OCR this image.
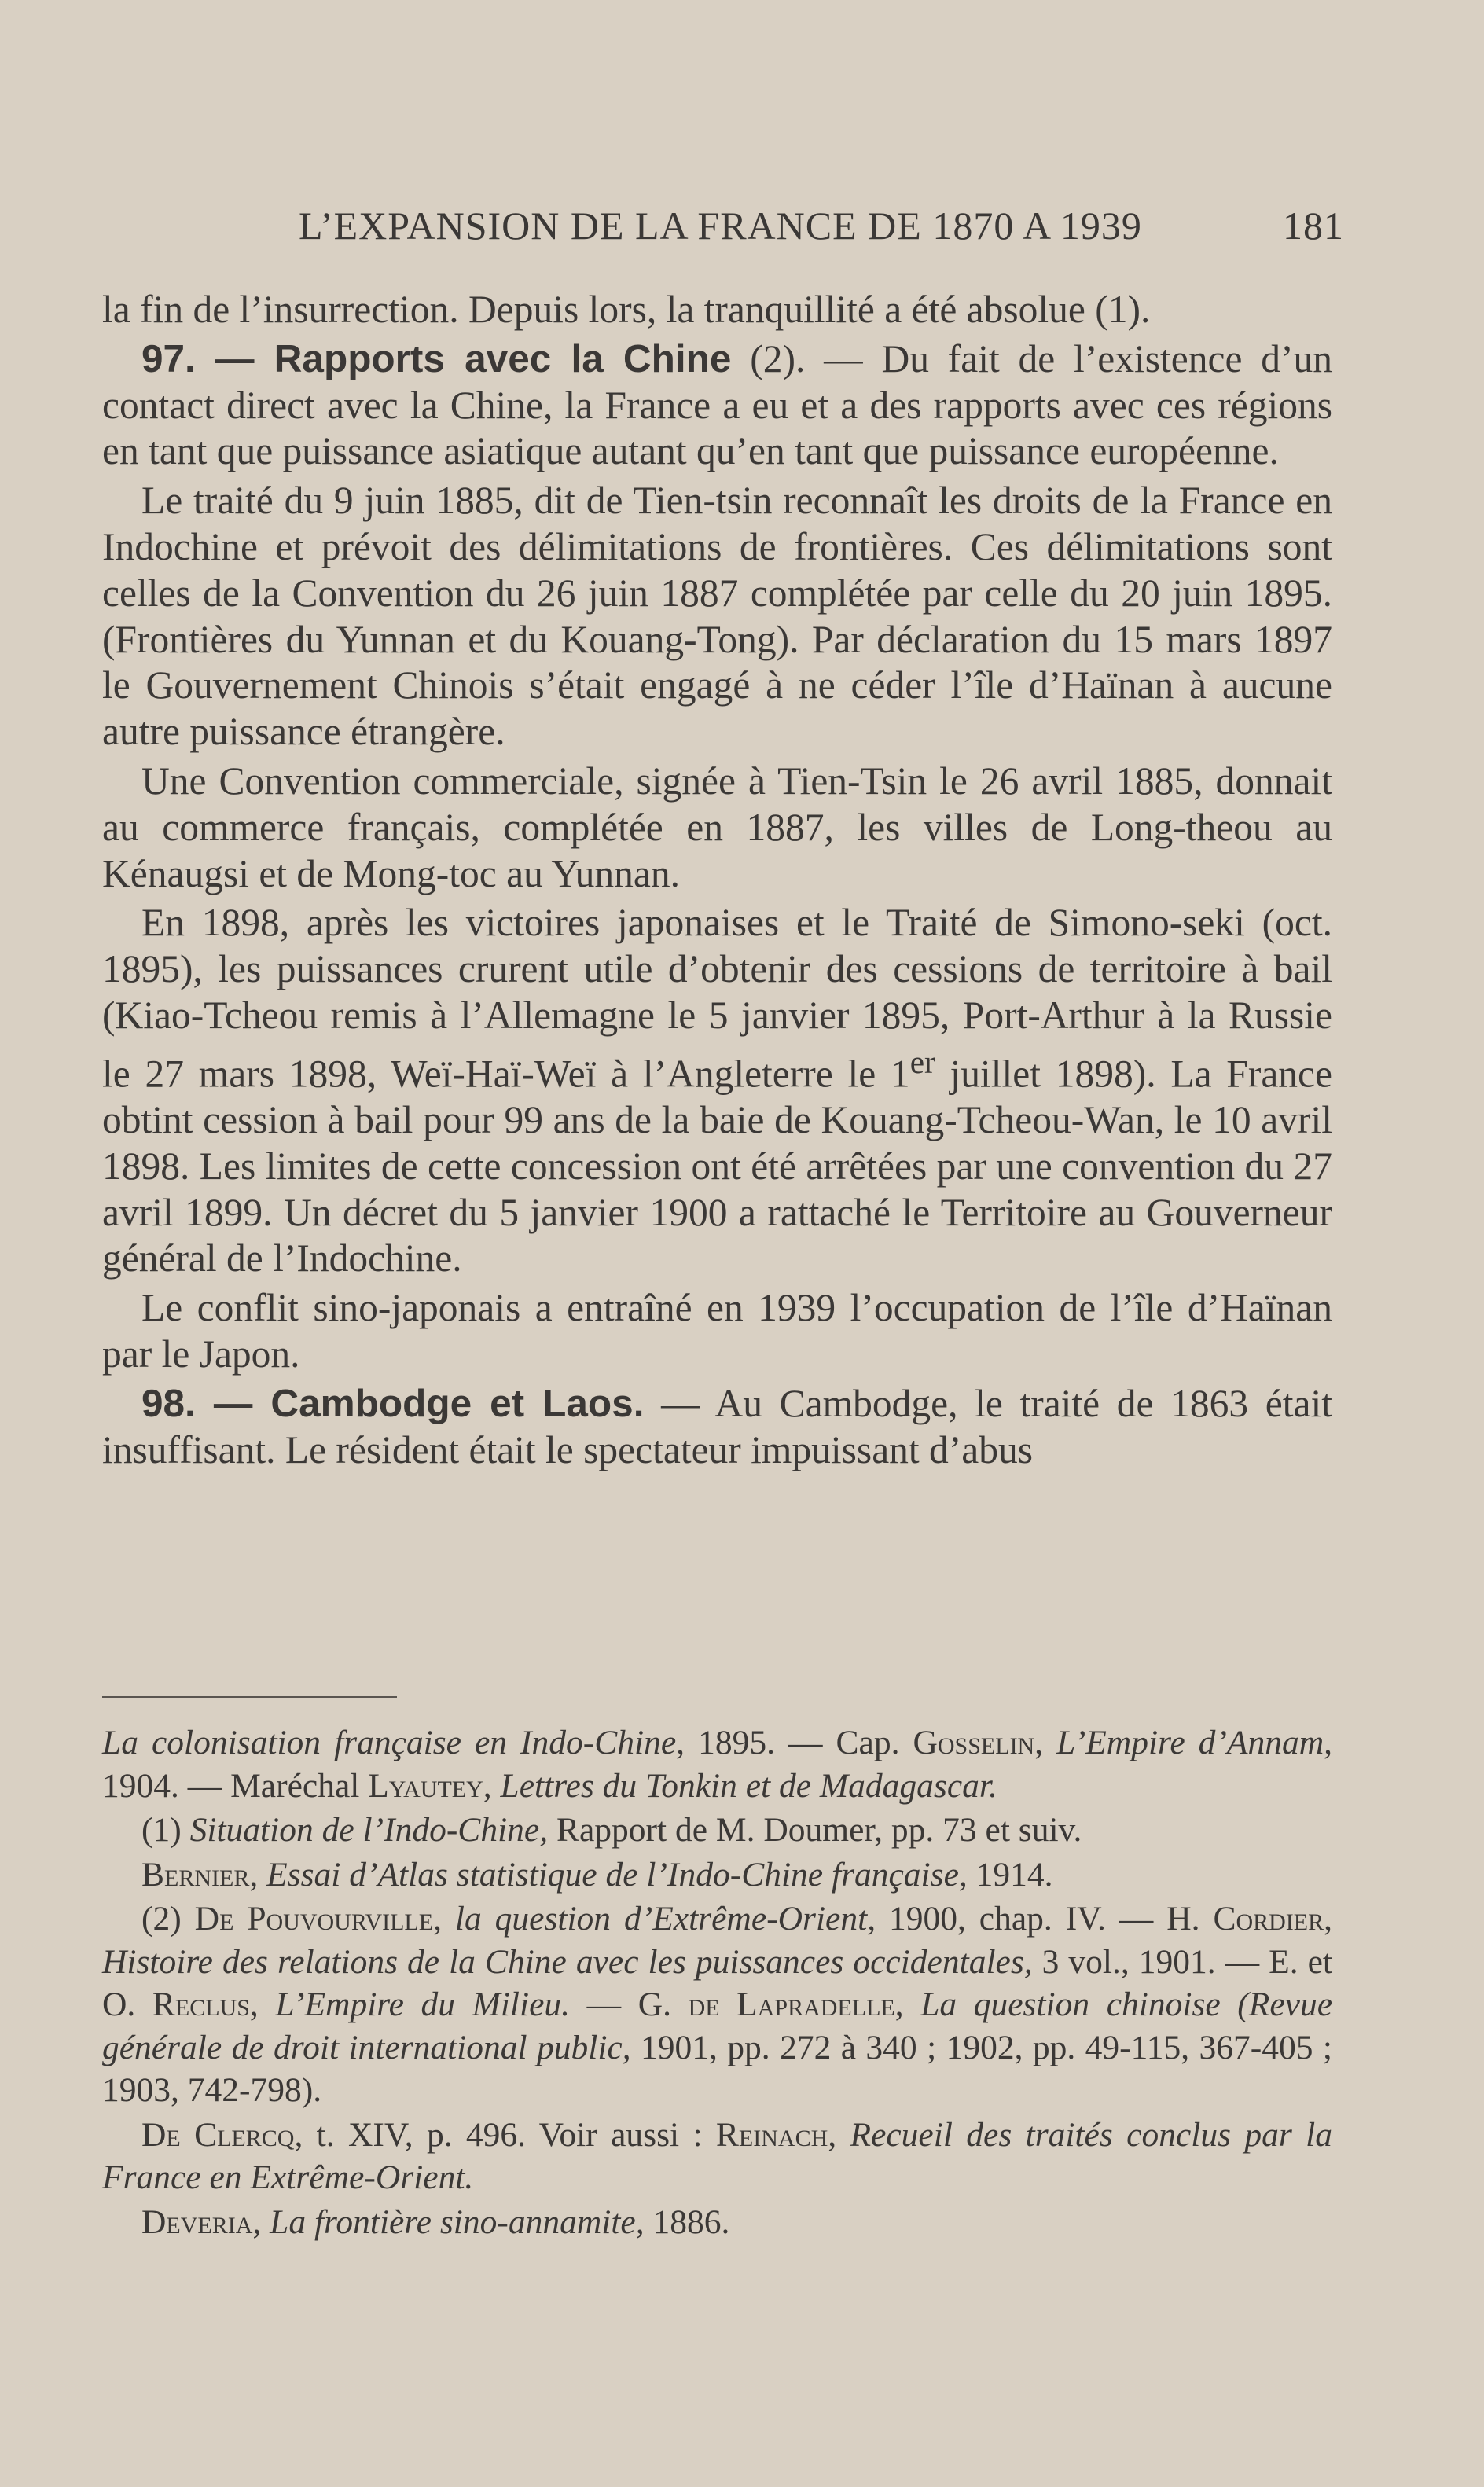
L’EXPANSION DE LA FRANCE DE 1870 A 1939	181

la fin de l’insurrection. Depuis lors, la tranquillité a été absolue (1).

97. — Rapports avec la Chine (2). — Du fait de l’existence d’un contact direct avec la Chine, la France a eu et a des rapports avec ces régions en tant que puissance asiatique autant qu’en tant que puissance européenne.

Le traité du 9 juin 1885, dit de Tien-tsin reconnaît les droits de la France en Indochine et prévoit des délimitations de frontières. Ces délimitations sont celles de la Convention du 26 juin 1887 complétée par celle du 20 juin 1895. (Frontières du Yunnan et du Kouang-Tong). Par déclaration du 15 mars 1897 le Gouvernement Chinois s’était engagé à ne céder l’île d’Haïnan à aucune autre puissance étrangère.

Une Convention commerciale, signée à Tien-Tsin le 26 avril 1885, donnait au commerce français, complétée en 1887, les villes de Long-theou au Kénaugsi et de Mong-toc au Yunnan.

En 1898, après les victoires japonaises et le Traité de Simono-seki (oct. 1895), les puissances crurent utile d’obtenir des cessions de territoire à bail (Kiao-Tcheou remis à l’Allemagne le 5 janvier 1895, Port-Arthur à la Russie le 27 mars 1898, Weï-Haï-Weï à l’Angleterre le 1er juillet 1898). La France obtint cession à bail pour 99 ans de la baie de Kouang-Tcheou-Wan, le 10 avril 1898. Les limites de cette concession ont été arrêtées par une convention du 27 avril 1899. Un décret du 5 janvier 1900 a rattaché le Territoire au Gouverneur général de l’Indochine.

Le conflit sino-japonais a entraîné en 1939 l’occupation de l’île d’Haïnan par le Japon.

98. — Cambodge et Laos. — Au Cambodge, le traité de 1863 était insuffisant. Le résident était le spectateur impuissant d’abus

La colonisation française en Indo-Chine, 1895. — Cap. Gosselin, L’Empire d’Annam, 1904. — Maréchal Lyautey, Lettres du Tonkin et de Madagascar.

(1) Situation de l’Indo-Chine, Rapport de M. Doumer, pp. 73 et suiv.

Bernier, Essai d’Atlas statistique de l’Indo-Chine française, 1914.

(2) De Pouvourville, la question d’Extrême-Orient, 1900, chap. IV. — H. Cordier, Histoire des relations de la Chine avec les puissances occidentales, 3 vol., 1901. — E. et O. Reclus, L’Empire du Milieu. — G. de Lapradelle, La question chinoise (Revue générale de droit international public, 1901, pp. 272 à 340 ; 1902, pp. 49-115, 367-405 ; 1903, 742-798).

De Clercq, t. XIV, p. 496. Voir aussi : Reinach, Recueil des traités conclus par la France en Extrême-Orient.

Deveria, La frontière sino-annamite, 1886.
